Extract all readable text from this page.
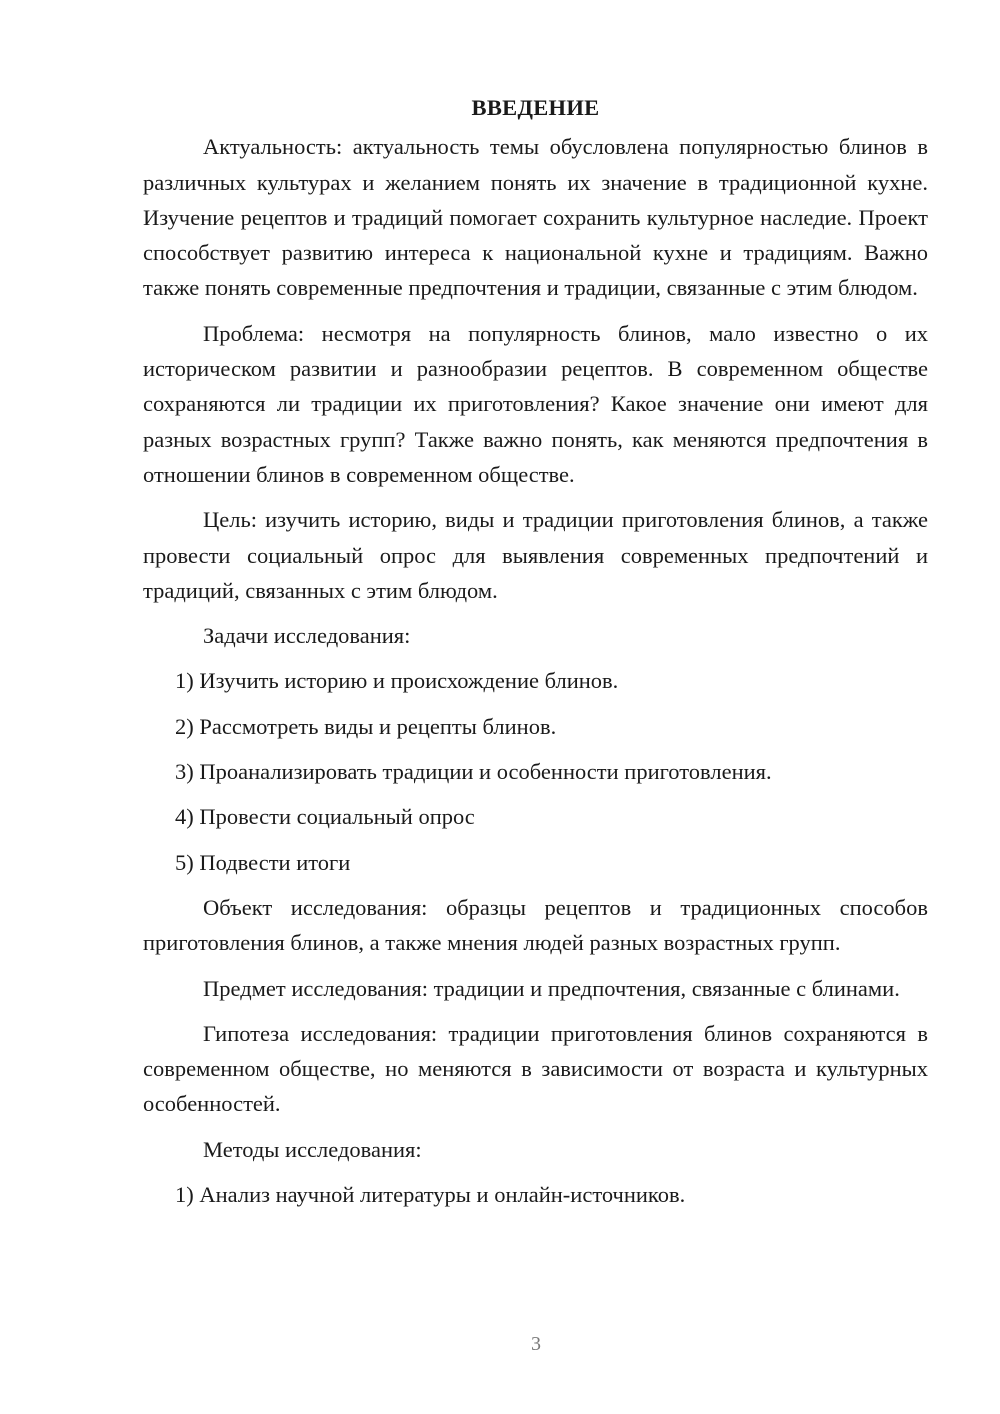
ВВЕДЕНИЕ

Актуальность: актуальность темы обусловлена популярностью блинов в различных культурах и желанием понять их значение в традиционной кухне. Изучение рецептов и традиций помогает сохранить культурное наследие. Проект способствует развитию интереса к национальной кухне и традициям. Важно также понять современные предпочтения и традиции, связанные с этим блюдом.

Проблема: несмотря на популярность блинов, мало известно о их историческом развитии и разнообразии рецептов. В современном обществе сохраняются ли традиции их приготовления? Какое значение они имеют для разных возрастных групп? Также важно понять, как меняются предпочтения в отношении блинов в современном обществе.

Цель: изучить историю, виды и традиции приготовления блинов, а также провести социальный опрос для выявления современных предпочтений и традиций, связанных с этим блюдом.

Задачи исследования:

1) Изучить историю и происхождение блинов.
2) Рассмотреть виды и рецепты блинов.
3) Проанализировать традиции и особенности приготовления.
4) Провести социальный опрос
5) Подвести итоги

Объект исследования: образцы рецептов и традиционных способов приготовления блинов, а также мнения людей разных возрастных групп.

Предмет исследования: традиции и предпочтения, связанные с блинами.

Гипотеза исследования: традиции приготовления блинов сохраняются в современном обществе, но меняются в зависимости от возраста и культурных особенностей.

Методы исследования:

1) Анализ научной литературы и онлайн-источников.
3
